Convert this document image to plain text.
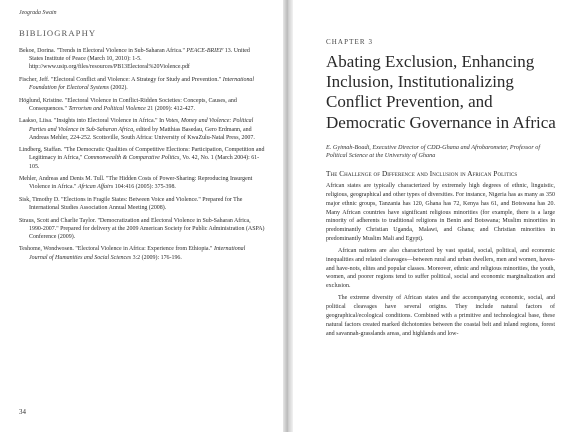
Jeograda Swain
BIBLIOGRAPHY
Bekoe, Dorina. "Trends in Electoral Violence in Sub-Saharan Africa." PEACE-BRIEF 13. United States Institute of Peace (March 10, 2010): 1-5. http://www.usip.org/files/resources/PB13Electoral%20Violence.pdf
Fischer, Jeff. "Electoral Conflict and Violence: A Strategy for Study and Prevention." International Foundation for Electoral Systems (2002).
Höglund, Kristine. "Electoral Violence in Conflict-Ridden Societies: Concepts, Causes, and Consequences." Terrorism and Political Violence 21 (2009): 412-427.
Laakso, Liisa. "Insights into Electoral Violence in Africa." In Votes, Money and Violence: Political Parties and Violence in Sub-Saharan Africa, edited by Matthias Basedau, Gero Erdmann, and Andreas Mehler, 224-252. Scottsville, South Africa: University of KwaZulu-Natal Press, 2007.
Lindberg, Staffan. "The Democratic Qualities of Competitive Elections: Participation, Competition and Legitimacy in Africa," Commonwealth & Comparative Politics, Vo. 42, No. 1 (March 2004): 61-105.
Mehler, Andreas and Denis M. Tull. "The Hidden Costs of Power-Sharing: Reproducing Insurgent Violence in Africa." African Affairs 104:416 (2005): 375-398.
Sisk, Timothy D. "Elections in Fragile States: Between Voice and Violence." Prepared for The International Studies Association Annual Meeting (2008).
Straus, Scott and Charlie Taylor. "Democratization and Electoral Violence in Sub-Saharan Africa, 1990-2007." Prepared for delivery at the 2009 American Society for Public Administration (ASPA) Conference (2009).
Teshome, Wondwosen. "Electoral Violence in Africa: Experience from Ethiopia." International Journal of Humanities and Social Sciences 3:2 (2009): 176-196.
34
CHAPTER 3
Abating Exclusion, Enhancing Inclusion, Institutionalizing Conflict Prevention, and Democratic Governance in Africa
E. Gyimah-Boadi, Executive Director of CDD-Ghana and Afrobarometer, Professor of Political Science at the University of Ghana
The Challenge of Difference and Inclusion in African Politics
African states are typically characterized by extremely high degrees of ethnic, linguistic, religious, geographical and other types of diversities. For instance, Nigeria has as many as 350 major ethnic groups, Tanzania has 120, Ghana has 72, Kenya has 61, and Botswana has 20. Many African countries have significant religious minorities (for example, there is a large minority of adherents to traditional religions in Benin and Botswana; Muslim minorities in predominantly Christian Uganda, Malawi, and Ghana; and Christian minorities in predominantly Muslim Mali and Egypt).
African nations are also characterized by vast spatial, social, political, and economic inequalities and related cleavages—between rural and urban dwellers, men and women, haves-and have-nots, elites and popular classes. Moreover, ethnic and religious minorities, the youth, women, and poorer regions tend to suffer political, social and economic marginalization and exclusion.
The extreme diversity of African states and the accompanying economic, social, and political cleavages have several origins. They include natural factors of geographical/ecological conditions. Combined with a primitive and technological base, these natural factors created marked dichotomies between the coastal belt and inland regions, forest and savannah-grasslands areas, and highlands and low-
